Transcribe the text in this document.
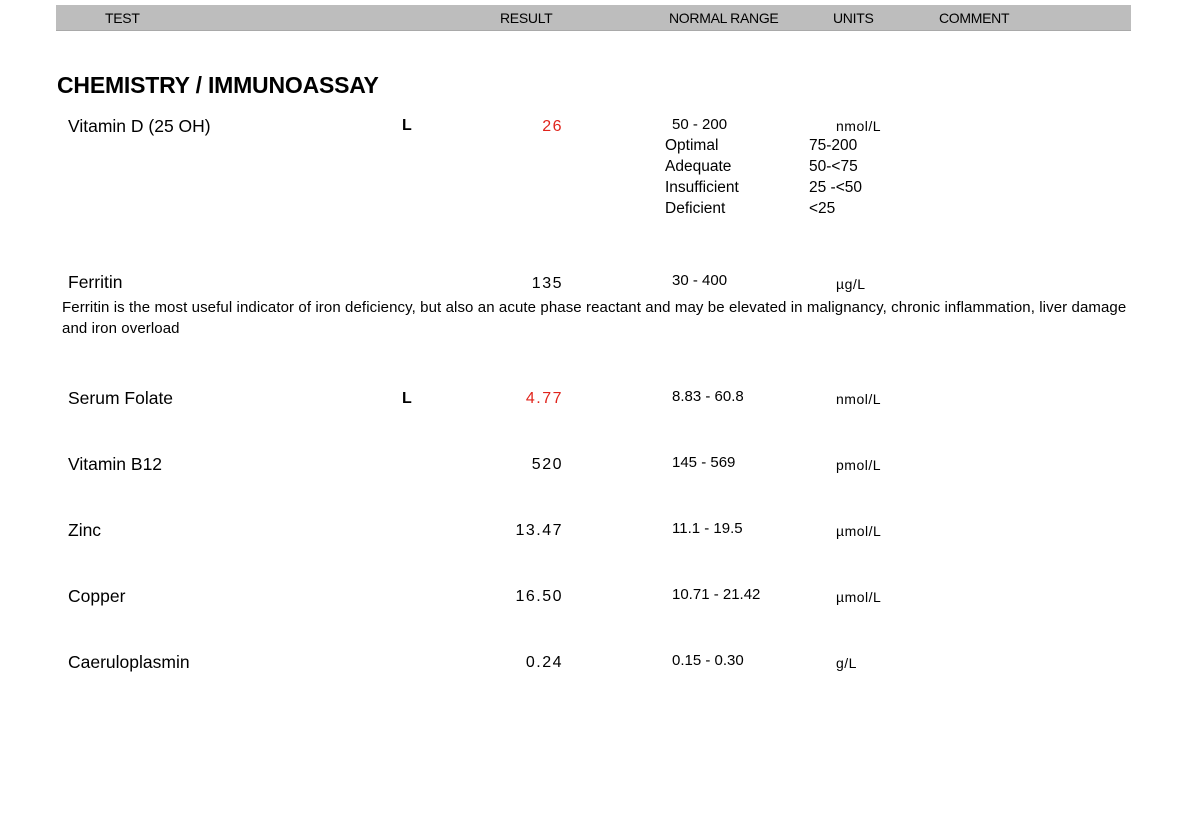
TEST	RESULT	NORMAL RANGE	UNITS	COMMENT
CHEMISTRY / IMMUNOASSAY
Vitamin D (25 OH)	L	26	50 - 200	nmol/L
Optimal	75-200
Adequate	50-<75
Insufficient	25 -<50
Deficient	<25
Ferritin	135	30 - 400	µg/L
Ferritin is the most useful indicator of iron deficiency, but also an acute phase reactant and may be elevated in malignancy, chronic inflammation, liver damage and iron overload
Serum Folate	L	4.77	8.83 - 60.8	nmol/L
Vitamin B12	520	145 - 569	pmol/L
Zinc	13.47	11.1 - 19.5	µmol/L
Copper	16.50	10.71 - 21.42	µmol/L
Caeruloplasmin	0.24	0.15 - 0.30	g/L
